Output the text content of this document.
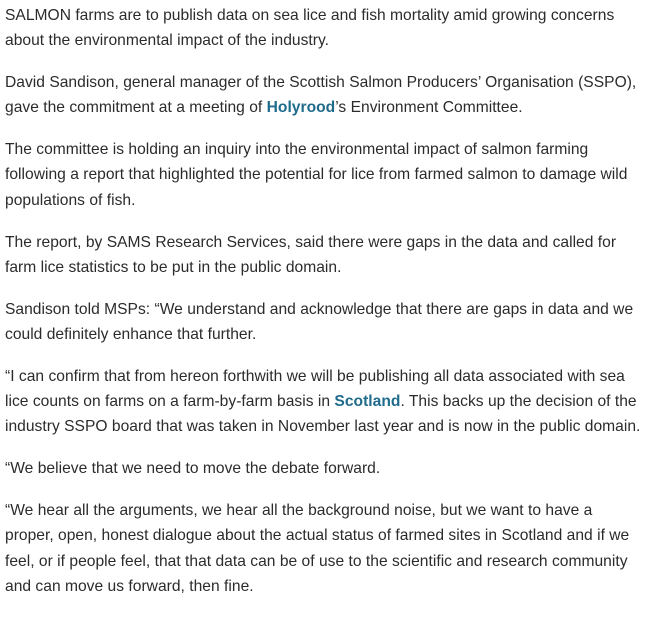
SALMON farms are to publish data on sea lice and fish mortality amid growing concerns about the environmental impact of the industry.

David Sandison, general manager of the Scottish Salmon Producers’ Organisation (SSPO), gave the commitment at a meeting of Holyrood’s Environment Committee.

The committee is holding an inquiry into the environmental impact of salmon farming following a report that highlighted the potential for lice from farmed salmon to damage wild populations of fish.

The report, by SAMS Research Services, said there were gaps in the data and called for farm lice statistics to be put in the public domain.

Sandison told MSPs: “We understand and acknowledge that there are gaps in data and we could definitely enhance that further.

“I can confirm that from hereon forthwith we will be publishing all data associated with sea lice counts on farms on a farm-by-farm basis in Scotland. This backs up the decision of the industry SSPO board that was taken in November last year and is now in the public domain.

“We believe that we need to move the debate forward.

“We hear all the arguments, we hear all the background noise, but we want to have a proper, open, honest dialogue about the actual status of farmed sites in Scotland and if we feel, or if people feel, that that data can be of use to the scientific and research community and can move us forward, then fine.
